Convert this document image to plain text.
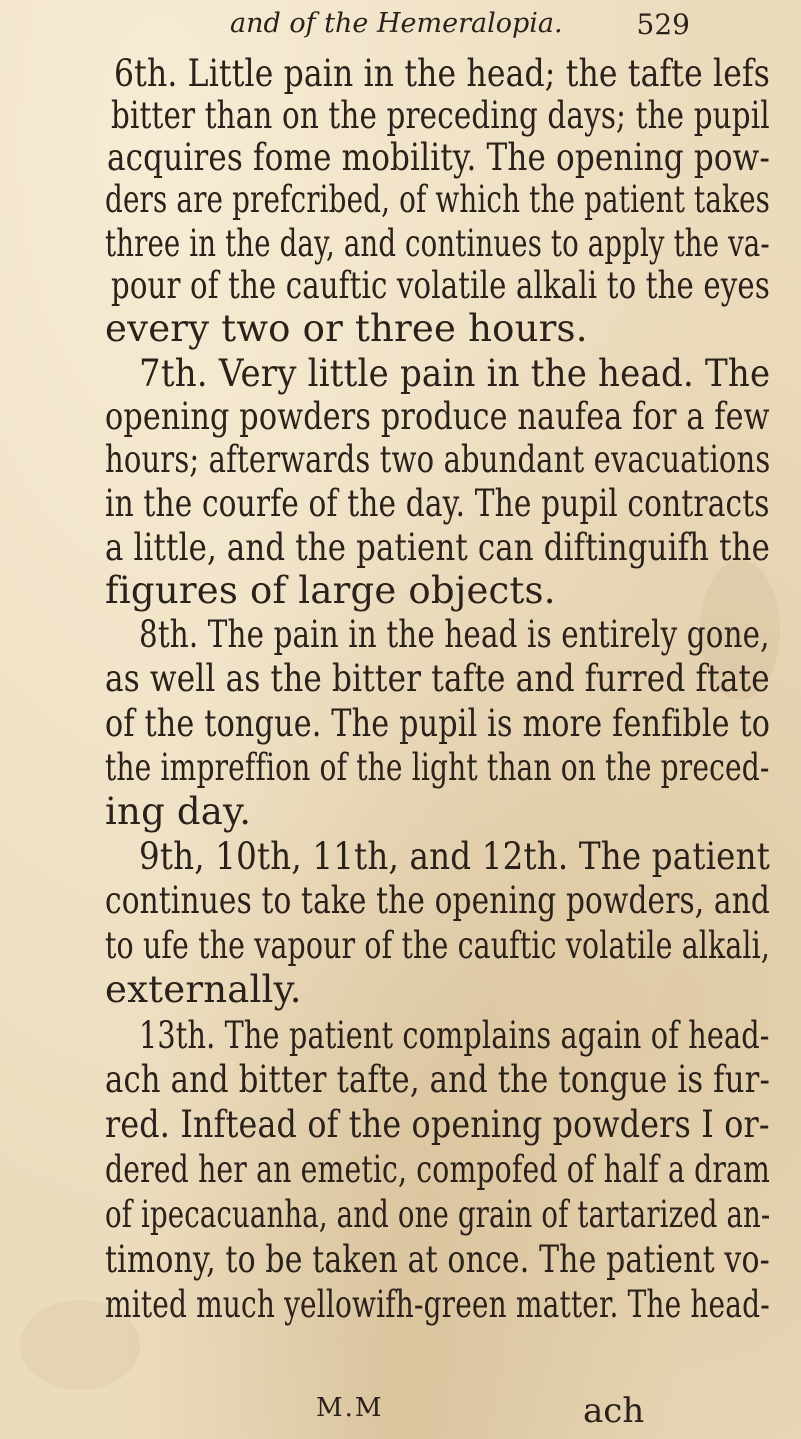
and of the Hemeralopia.	529
6th. Little pain in the head; the tafte lefs
bitter than on the preceding days; the pupil
acquires fome mobility. The opening pow-
ders are prefcribed, of which the patient takes
three in the day, and continues to apply the va-
pour of the cauftic volatile alkali to the eyes
every two or three hours.
7th. Very little pain in the head. The
opening powders produce naufea for a few
hours; afterwards two abundant evacuations
in the courfe of the day. The pupil contracts
a little, and the patient can diftinguifh the
figures of large objects.
8th. The pain in the head is entirely gone,
as well as the bitter tafte and furred ftate
of the tongue. The pupil is more fenfible to
the impreffion of the light than on the preced-
ing day.
9th, 10th, 11th, and 12th. The patient
continues to take the opening powders, and
to ufe the vapour of the cauftic volatile alkali,
externally.
13th. The patient complains again of head-
ach and bitter tafte, and the tongue is fur-
red. Inftead of the opening powders I or-
dered her an emetic, compofed of half a dram
of ipecacuanha, and one grain of tartarized an-
timony, to be taken at once. The patient vo-
mited much yellowifh-green matter. The head-
M.M	ach
